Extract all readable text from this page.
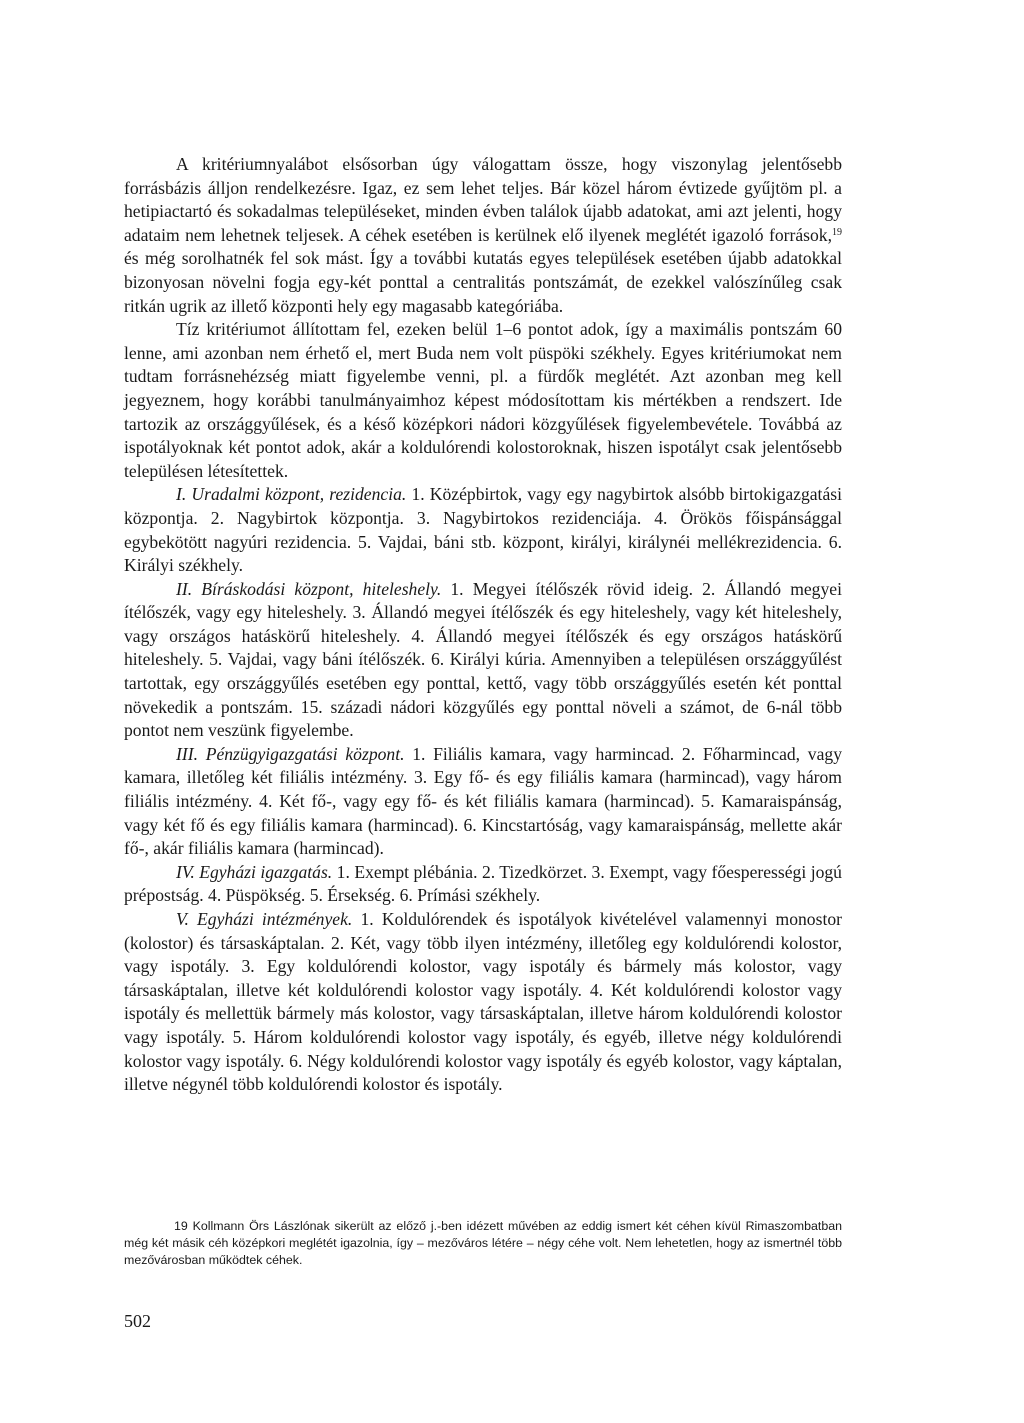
A kritériumnyalábot elsősorban úgy válogattam össze, hogy viszonylag jelentősebb forrásbázis álljon rendelkezésre. Igaz, ez sem lehet teljes. Bár közel három évtizede gyűjtöm pl. a hetipiactartó és sokadalmas településeket, minden évben találok újabb adatokat, ami azt jelenti, hogy adataim nem lehetnek teljesek. A céhek esetében is kerülnek elő ilyenek meglétét igazoló források,$^{19}$ és még sorolhatnék fel sok mást. Így a további kutatás egyes települések esetében újabb adatokkal bizonyosan növelni fogja egy-két ponttal a centralitás pontszámát, de ezekkel valószínűleg csak ritkán ugrik az illető központi hely egy magasabb kategóriába.

Tíz kritériumot állítottam fel, ezeken belül 1–6 pontot adok, így a maximális pontszám 60 lenne, ami azonban nem érhető el, mert Buda nem volt püspöki székhely. Egyes kritériumokat nem tudtam forrásnehézség miatt figyelembe venni, pl. a fürdők meglétét. Azt azonban meg kell jegyeznem, hogy korábbi tanulmányaimhoz képest módosítottam kis mértékben a rendszert. Ide tartozik az országgyűlések, és a késő középkori nádori közgyűlések figyelembevétele. Továbbá az ispotályoknak két pontot adok, akár a koldulórendi kolostoroknak, hiszen ispotályt csak jelentősebb településen létesítettek.

I. Uradalmi központ, rezidencia. 1. Középbirtok, vagy egy nagybirtok alsóbb birtokigazgatási központja. 2. Nagybirtok központja. 3. Nagybirtokos rezidenciája. 4. Örökös főispánsággal egybekötött nagyúri rezidencia. 5. Vajdai, báni stb. központ, királyi, királynéi mellékrezidencia. 6. Királyi székhely.

II. Bíráskodási központ, hiteleshely. 1. Megyei ítélőszék rövid ideig. 2. Állandó megyei ítélőszék, vagy egy hiteleshely. 3. Állandó megyei ítélőszék és egy hiteleshely, vagy két hiteleshely, vagy országos hatáskörű hiteleshely. 4. Állandó megyei ítélőszék és egy országos hatáskörű hiteleshely. 5. Vajdai, vagy báni ítélőszék. 6. Királyi kúria. Amennyiben a településen országgyűlést tartottak, egy országgyűlés esetében egy ponttal, kettő, vagy több országgyűlés esetén két ponttal növekedik a pontszám. 15. századi nádori közgyűlés egy ponttal növeli a számot, de 6-nál több pontot nem veszünk figyelembe.

III. Pénzügyigazgatási központ. 1. Filiális kamara, vagy harmincad. 2. Főharmincad, vagy kamara, illetőleg két filiális intézmény. 3. Egy fő- és egy filiális kamara (harmincad), vagy három filiális intézmény. 4. Két fő-, vagy egy fő- és két filiális kamara (harmincad). 5. Kamaraispánság, vagy két fő és egy filiális kamara (harmincad). 6. Kincstartóság, vagy kamaraispánság, mellette akár fő-, akár filiális kamara (harmincad).

IV. Egyházi igazgatás. 1. Exempt plébánia. 2. Tizedkörzet. 3. Exempt, vagy főesperességi jogú prépostság. 4. Püspökség. 5. Érsekség. 6. Prímási székhely.

V. Egyházi intézmények. 1. Koldulórendek és ispotályok kivételével valamennyi monostor (kolostor) és társaskáptalan. 2. Két, vagy több ilyen intézmény, illetőleg egy koldulórendi kolostor, vagy ispotály. 3. Egy koldulórendi kolostor, vagy ispotály és bármely más kolostor, vagy társaskáptalan, illetve két koldulórendi kolostor vagy ispotály. 4. Két koldulórendi kolostor vagy ispotály és mellettük bármely más kolostor, vagy társaskáptalan, illetve három koldulórendi kolostor vagy ispotály. 5. Három koldulórendi kolostor vagy ispotály, és egyéb, illetve négy koldulórendi kolostor vagy ispotály. 6. Négy koldulórendi kolostor vagy ispotály és egyéb kolostor, vagy káptalan, illetve négynél több koldulórendi kolostor és ispotály.

19 Kollmann Örs Lászlónak sikerült az előző j.-ben idézett művében az eddig ismert két céhen kívül Rimaszombatban még két másik céh középkori meglétét igazolnia, így – mezőváros létére – négy céhe volt. Nem lehetetlen, hogy az ismertnél több mezővárosban működtek céhek.

502
